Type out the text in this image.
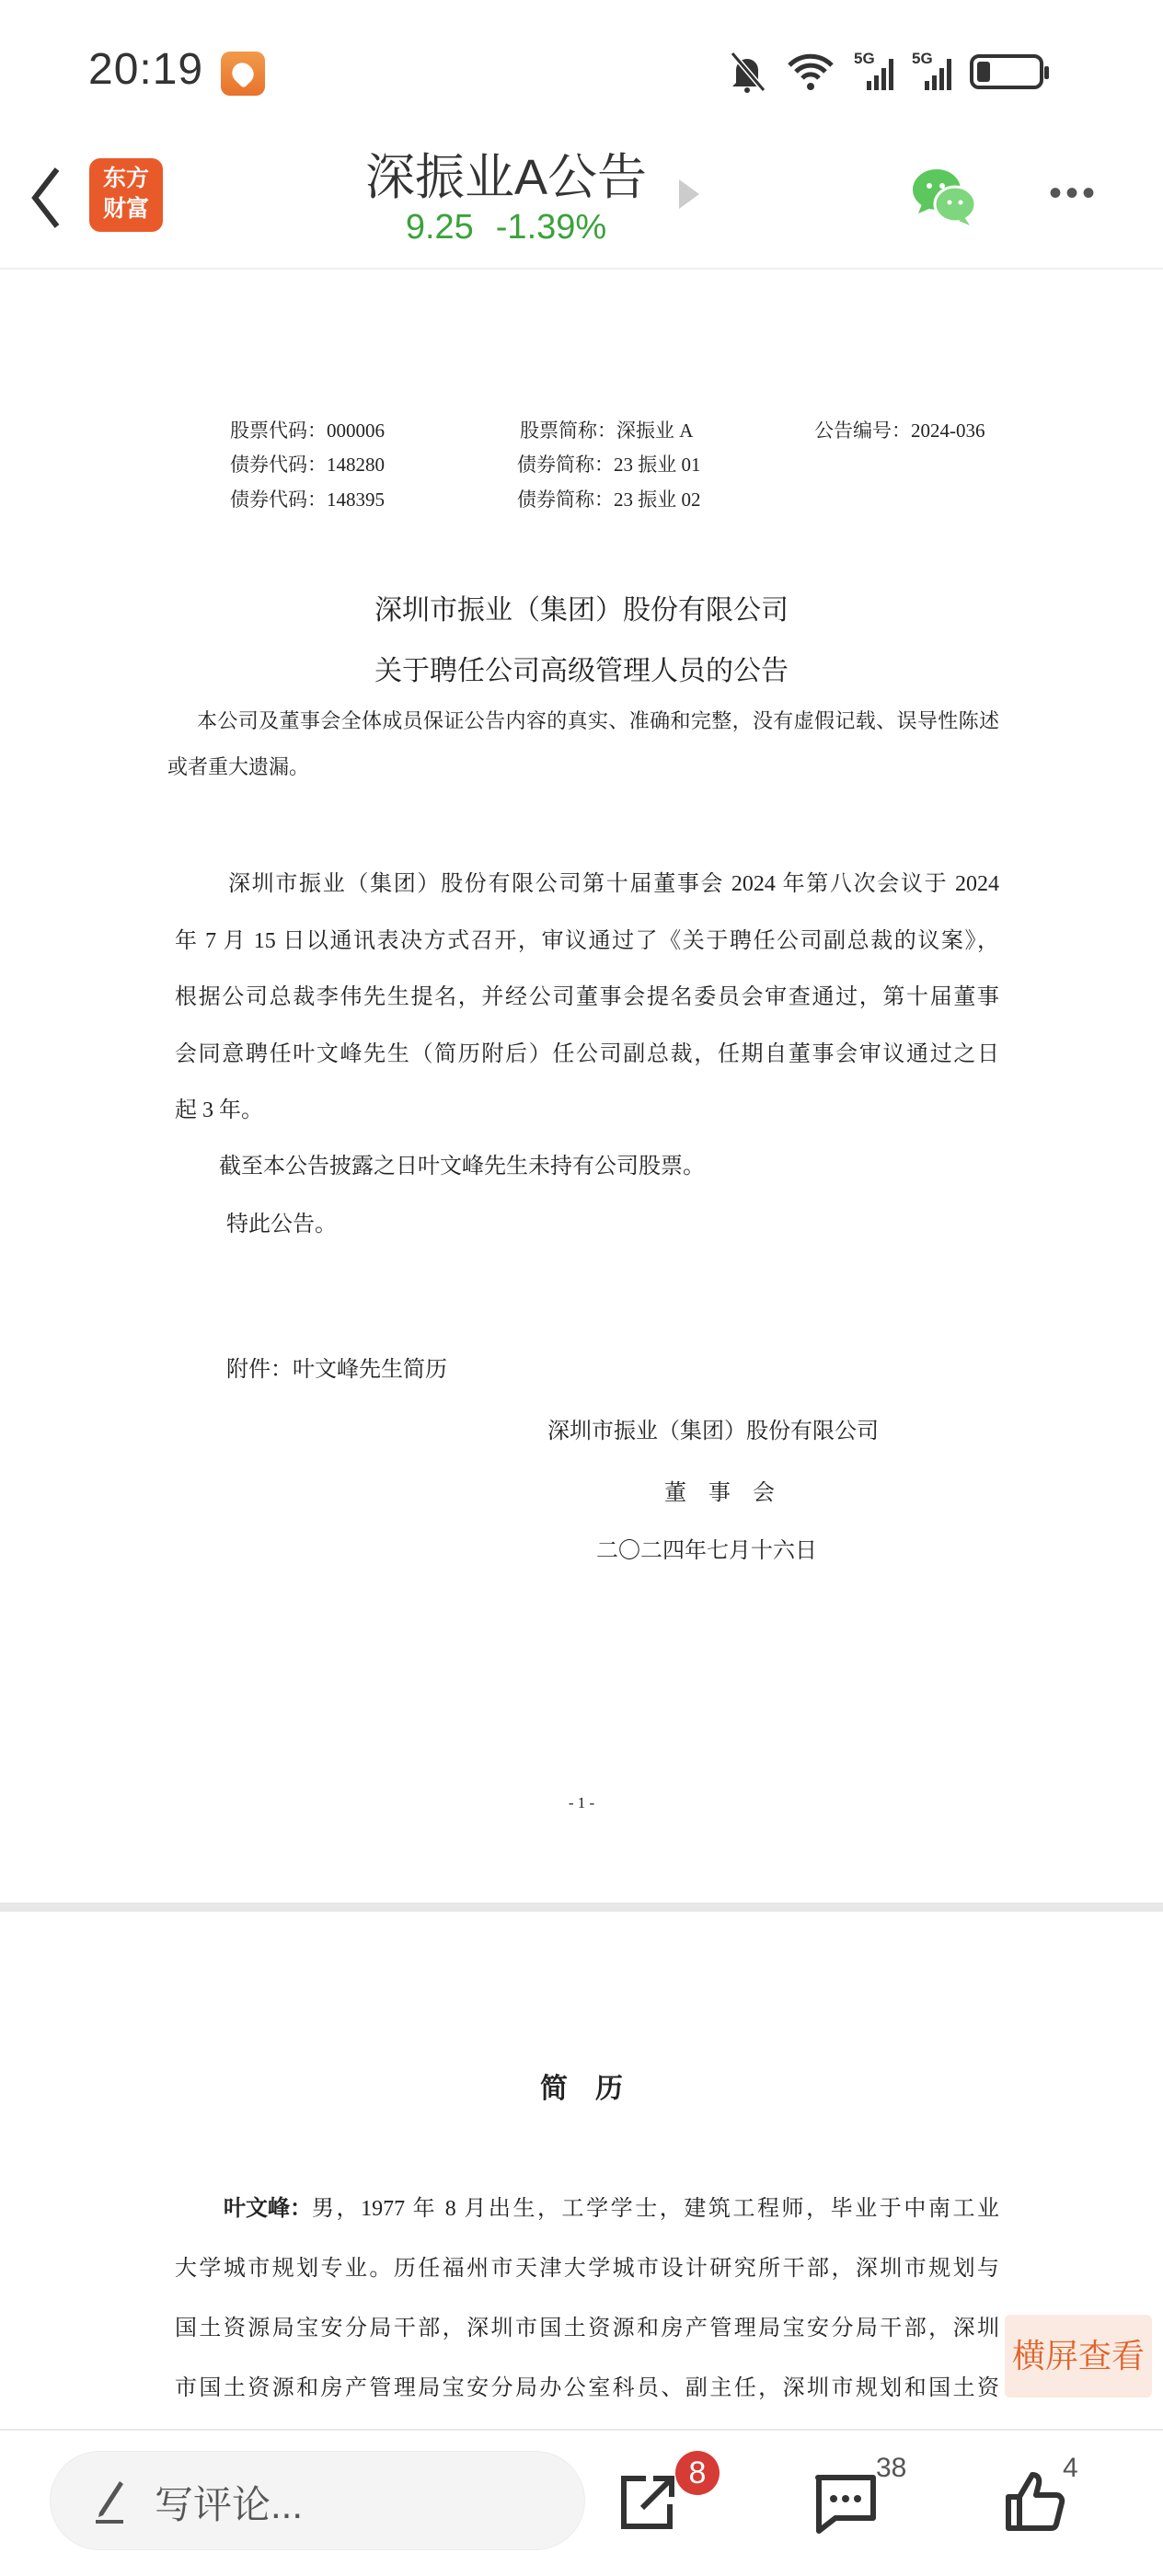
20:19	5G 5G
东方
财富
深振业A公告
9.25 -1.39%
•••
股票代码：000006	股票简称：深振业 A	公告编号：2024-036
债券代码：148280	债券简称：23 振业 01
债券代码：148395	债券简称：23 振业 02
深圳市振业（集团）股份有限公司
关于聘任公司高级管理人员的公告
本公司及董事会全体成员保证公告内容的真实、准确和完整，没有虚假记载、误导性陈述
或者重大遗漏。
深圳市振业（集团）股份有限公司第十届董事会 2024 年第八次会议于 2024
年 7 月 15 日以通讯表决方式召开，审议通过了《关于聘任公司副总裁的议案》，
根据公司总裁李伟先生提名，并经公司董事会提名委员会审查通过，第十届董事
会同意聘任叶文峰先生（简历附后）任公司副总裁，任期自董事会审议通过之日
起 3 年。
截至本公告披露之日叶文峰先生未持有公司股票。
特此公告。
附件：叶文峰先生简历
深圳市振业（集团）股份有限公司
董　事　会
二〇二四年七月十六日
- 1 -
简　历
叶文峰： 男，1977 年 8 月出生，工学学士，建筑工程师，毕业于中南工业
大学城市规划专业。历任福州市天津大学城市设计研究所干部，深圳市规划与
国土资源局宝安分局干部，深圳市国土资源和房产管理局宝安分局干部，深圳
市国土资源和房产管理局宝安分局办公室科员、副主任，深圳市规划和国土资
横屏查看
写评论...
8	38	4
